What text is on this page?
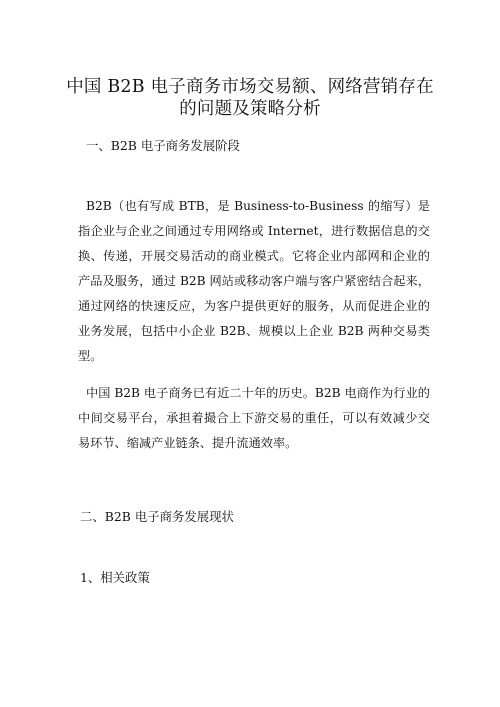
中国 B2B 电子商务市场交易额、网络营销存在
的问题及策略分析

一、B2B 电子商务发展阶段

B2B（也有写成 BTB，是 Business-to-Business 的缩写）是指企业与企业之间通过专用网络或 Internet，进行数据信息的交换、传递，开展交易活动的商业模式。它将企业内部网和企业的产品及服务，通过 B2B 网站或移动客户端与客户紧密结合起来，通过网络的快速反应，为客户提供更好的服务，从而促进企业的业务发展，包括中小企业 B2B、规模以上企业 B2B 两种交易类型。

中国 B2B 电子商务已有近二十年的历史。B2B 电商作为行业的中间交易平台，承担着撮合上下游交易的重任，可以有效减少交易环节、缩减产业链条、提升流通效率。

二、B2B 电子商务发展现状

1、相关政策
